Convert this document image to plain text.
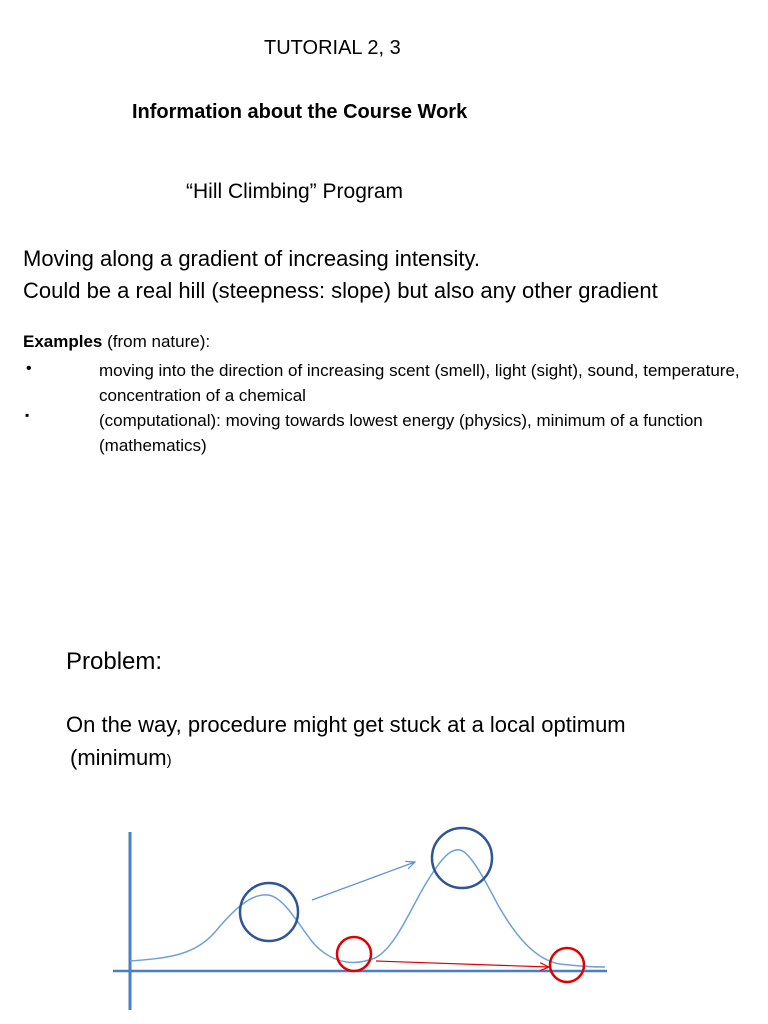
TUTORIAL 2, 3
Information about the Course Work
“Hill Climbing” Program
Moving along a gradient of increasing intensity.
Could be a real hill (steepness: slope) but also any other gradient
Examples (from nature):
•	moving into the direction of increasing scent (smell), light (sight), sound, temperature, concentration of a chemical
▪	(computational): moving towards lowest energy (physics), minimum of a function (mathematics)
Problem:
On the way, procedure might get stuck at a local optimum
(minimum)
